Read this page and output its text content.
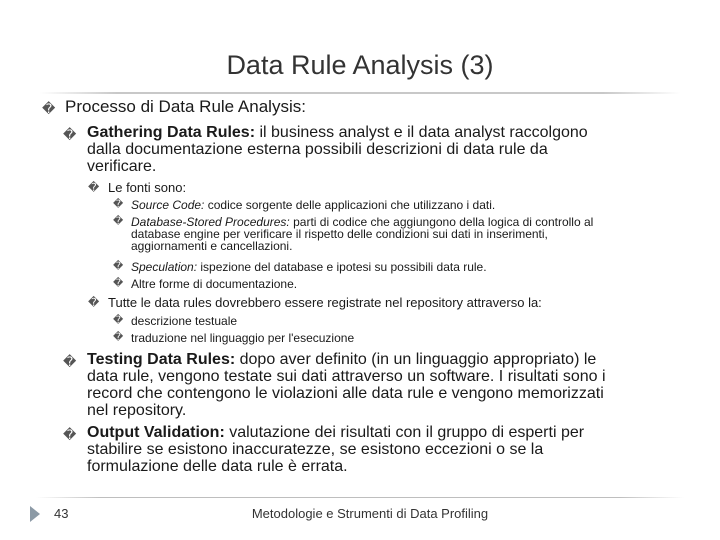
Data Rule Analysis (3)
� Processo di Data Rule Analysis:
� Gathering Data Rules: il business analyst e il data analyst raccolgono
dalla documentazione esterna possibili descrizioni di data rule da
verificare.
� Le fonti sono:
� Source Code: codice sorgente delle applicazioni che utilizzano i dati.
� Database-Stored Procedures: parti di codice che aggiungono della logica di controllo al
database engine per verificare il rispetto delle condizioni sui dati in inserimenti,
aggiornamenti e cancellazioni.
� Speculation: ispezione del database e ipotesi su possibili data rule.
� Altre forme di documentazione.
� Tutte le data rules dovrebbero essere registrate nel repository attraverso la:
� descrizione testuale
� traduzione nel linguaggio per l'esecuzione
� Testing Data Rules: dopo aver definito (in un linguaggio appropriato) le
data rule, vengono testate sui dati attraverso un software. I risultati sono i
record che contengono le violazioni alle data rule e vengono memorizzati
nel repository.
� Output Validation: valutazione dei risultati con il gruppo di esperti per
stabilire se esistono inaccuratezze, se esistono eccezioni o se la
formulazione delle data rule è errata.
43	Metodologie e Strumenti di Data Profiling
